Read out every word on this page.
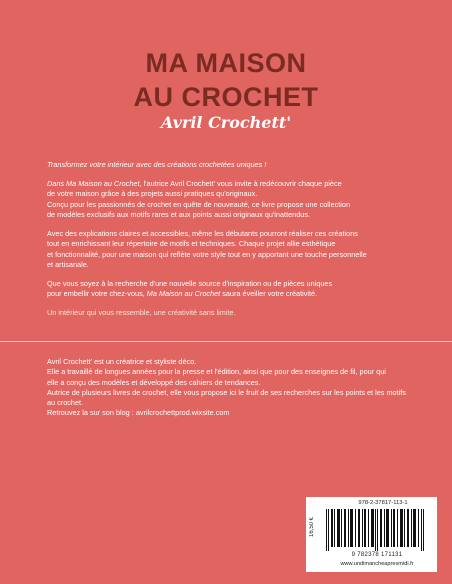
MA MAISON
AU CROCHET
Avril Crochett'

Transformez votre intérieur avec des créations crochetées uniques !

Dans Ma Maison au Crochet, l'autrice Avril Crochett' vous invite à redécouvrir chaque pièce

de votre maison grâce à des projets aussi pratiques qu'originaux.

Conçu pour les passionnés de crochet en quête de nouveauté, ce livre propose une collection

de modèles exclusifs aux motifs rares et aux points aussi originaux qu'inattendus.

Avec des explications claires et accessibles, même les débutants pourront réaliser ces créations

tout en enrichissant leur répertoire de motifs et techniques. Chaque projet allie esthétique

et fonctionnalité, pour une maison qui reflète votre style tout en y apportant une touche personnelle

et artisanale.

Que vous soyez à la recherche d'une nouvelle source d'inspiration ou de pièces uniques

pour embellir votre chez-vous, Ma Maison au Crochet saura éveiller votre créativité.

Un intérieur qui vous ressemble, une créativité sans limite.

Avril Crochett' est un créatrice et styliste déco.

Elle a travaillé de longues années pour la presse et l'édition, ainsi que pour des enseignes de fil, pour qui

elle a conçu des modèles et développé des cahiers de tendances.

Autrice de plusieurs livres de crochet, elle vous propose ici le fruit de ses recherches sur les points et les motifs

au crochet.

Retrouvez la sur son blog : avrilcrochettprod.wixsite.com

978-2-37817-113-1
16,50 €
9 782378 171131
www.undimancheapresmidi.fr
